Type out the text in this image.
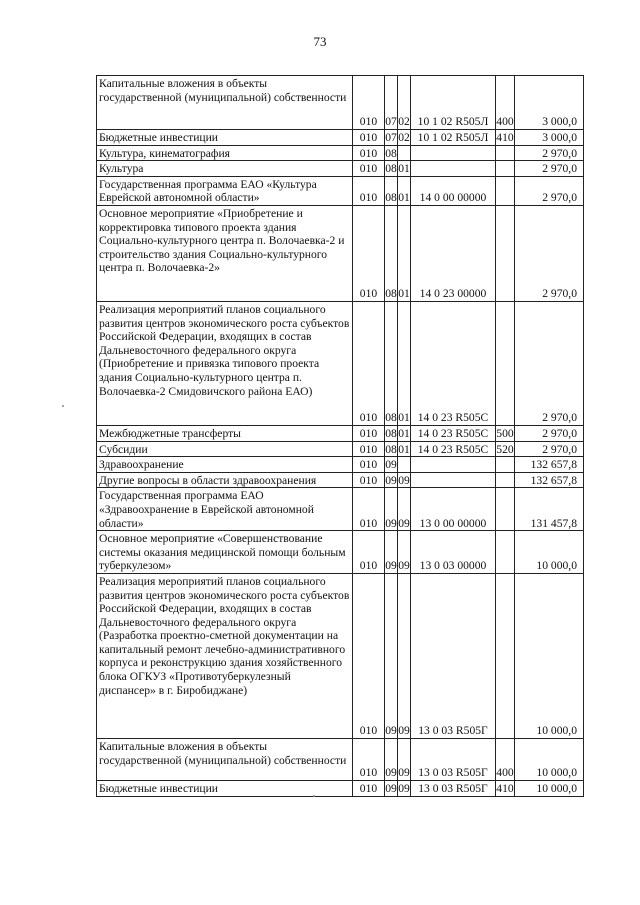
73
Капитальные вложения в объекты государственной (муниципальной) собственности	010	07	02	10 1 02 R505Л	400	3 000,0
Бюджетные инвестиции	010	07	02	10 1 02 R505Л	410	3 000,0
Культура, кинематография	010	08				2 970,0
Культура	010	08	01			2 970,0
Государственная программа ЕАО «Культура Еврейской автономной области»	010	08	01	14 0 00 00000		2 970,0
Основное мероприятие «Приобретение и корректировка типового проекта здания Социально-культурного центра п. Волочаевка-2 и строительство здания Социально-культурного центра п. Волочаевка-2»	010	08	01	14 0 23 00000		2 970,0
Реализация мероприятий планов социального развития центров экономического роста субъектов Российской Федерации, входящих в состав Дальневосточного федерального округа (Приобретение и привязка типового проекта здания Социально-культурного центра п. Волочаевка-2 Смидовичского района ЕАО)	010	08	01	14 0 23 R505С		2 970,0
Межбюджетные трансферты	010	08	01	14 0 23 R505С	500	2 970,0
Субсидии	010	08	01	14 0 23 R505С	520	2 970,0
Здравоохранение	010	09				132 657,8
Другие вопросы в области здравоохранения	010	09	09			132 657,8
Государственная программа ЕАО «Здравоохранение в Еврейской автономной области»	010	09	09	13 0 00 00000		131 457,8
Основное мероприятие «Совершенствование системы оказания медицинской помощи больным туберкулезом»	010	09	09	13 0 03 00000		10 000,0
Реализация мероприятий планов социального развития центров экономического роста субъектов Российской Федерации, входящих в состав Дальневосточного федерального округа (Разработка проектно-сметной документации на капитальный ремонт лечебно-административного корпуса и реконструкцию здания хозяйственного блока ОГКУЗ «Противотуберкулезный диспансер» в г. Биробиджане)	010	09	09	13 0 03 R505Г		10 000,0
Капитальные вложения в объекты государственной (муниципальной) собственности	010	09	09	13 0 03 R505Г	400	10 000,0
Бюджетные инвестиции	010	09	09	13 0 03 R505Г	410	10 000,0
